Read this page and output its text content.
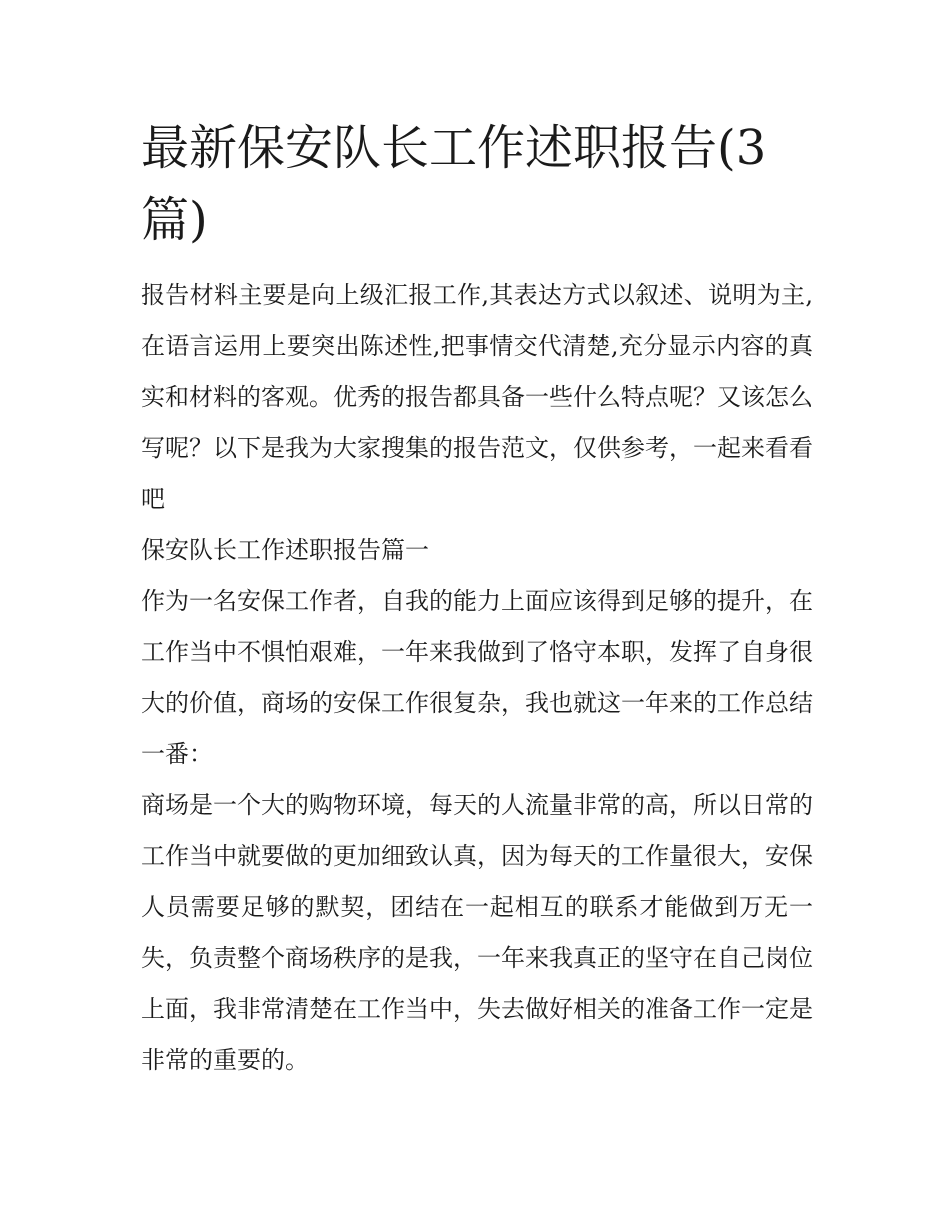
最新保安队长工作述职报告(3篇)

报告材料主要是向上级汇报工作,其表达方式以叙述、说明为主,在语言运用上要突出陈述性,把事情交代清楚,充分显示内容的真实和材料的客观。优秀的报告都具备一些什么特点呢？又该怎么写呢？以下是我为大家搜集的报告范文，仅供参考，一起来看看吧

保安队长工作述职报告篇一

作为一名安保工作者，自我的能力上面应该得到足够的提升，在工作当中不惧怕艰难，一年来我做到了恪守本职，发挥了自身很大的价值，商场的安保工作很复杂，我也就这一年来的工作总结一番：

商场是一个大的购物环境，每天的人流量非常的高，所以日常的工作当中就要做的更加细致认真，因为每天的工作量很大，安保人员需要足够的默契，团结在一起相互的联系才能做到万无一失，负责整个商场秩序的是我，一年来我真正的坚守在自己岗位上面，我非常清楚在工作当中，失去做好相关的准备工作一定是非常的重要的。
